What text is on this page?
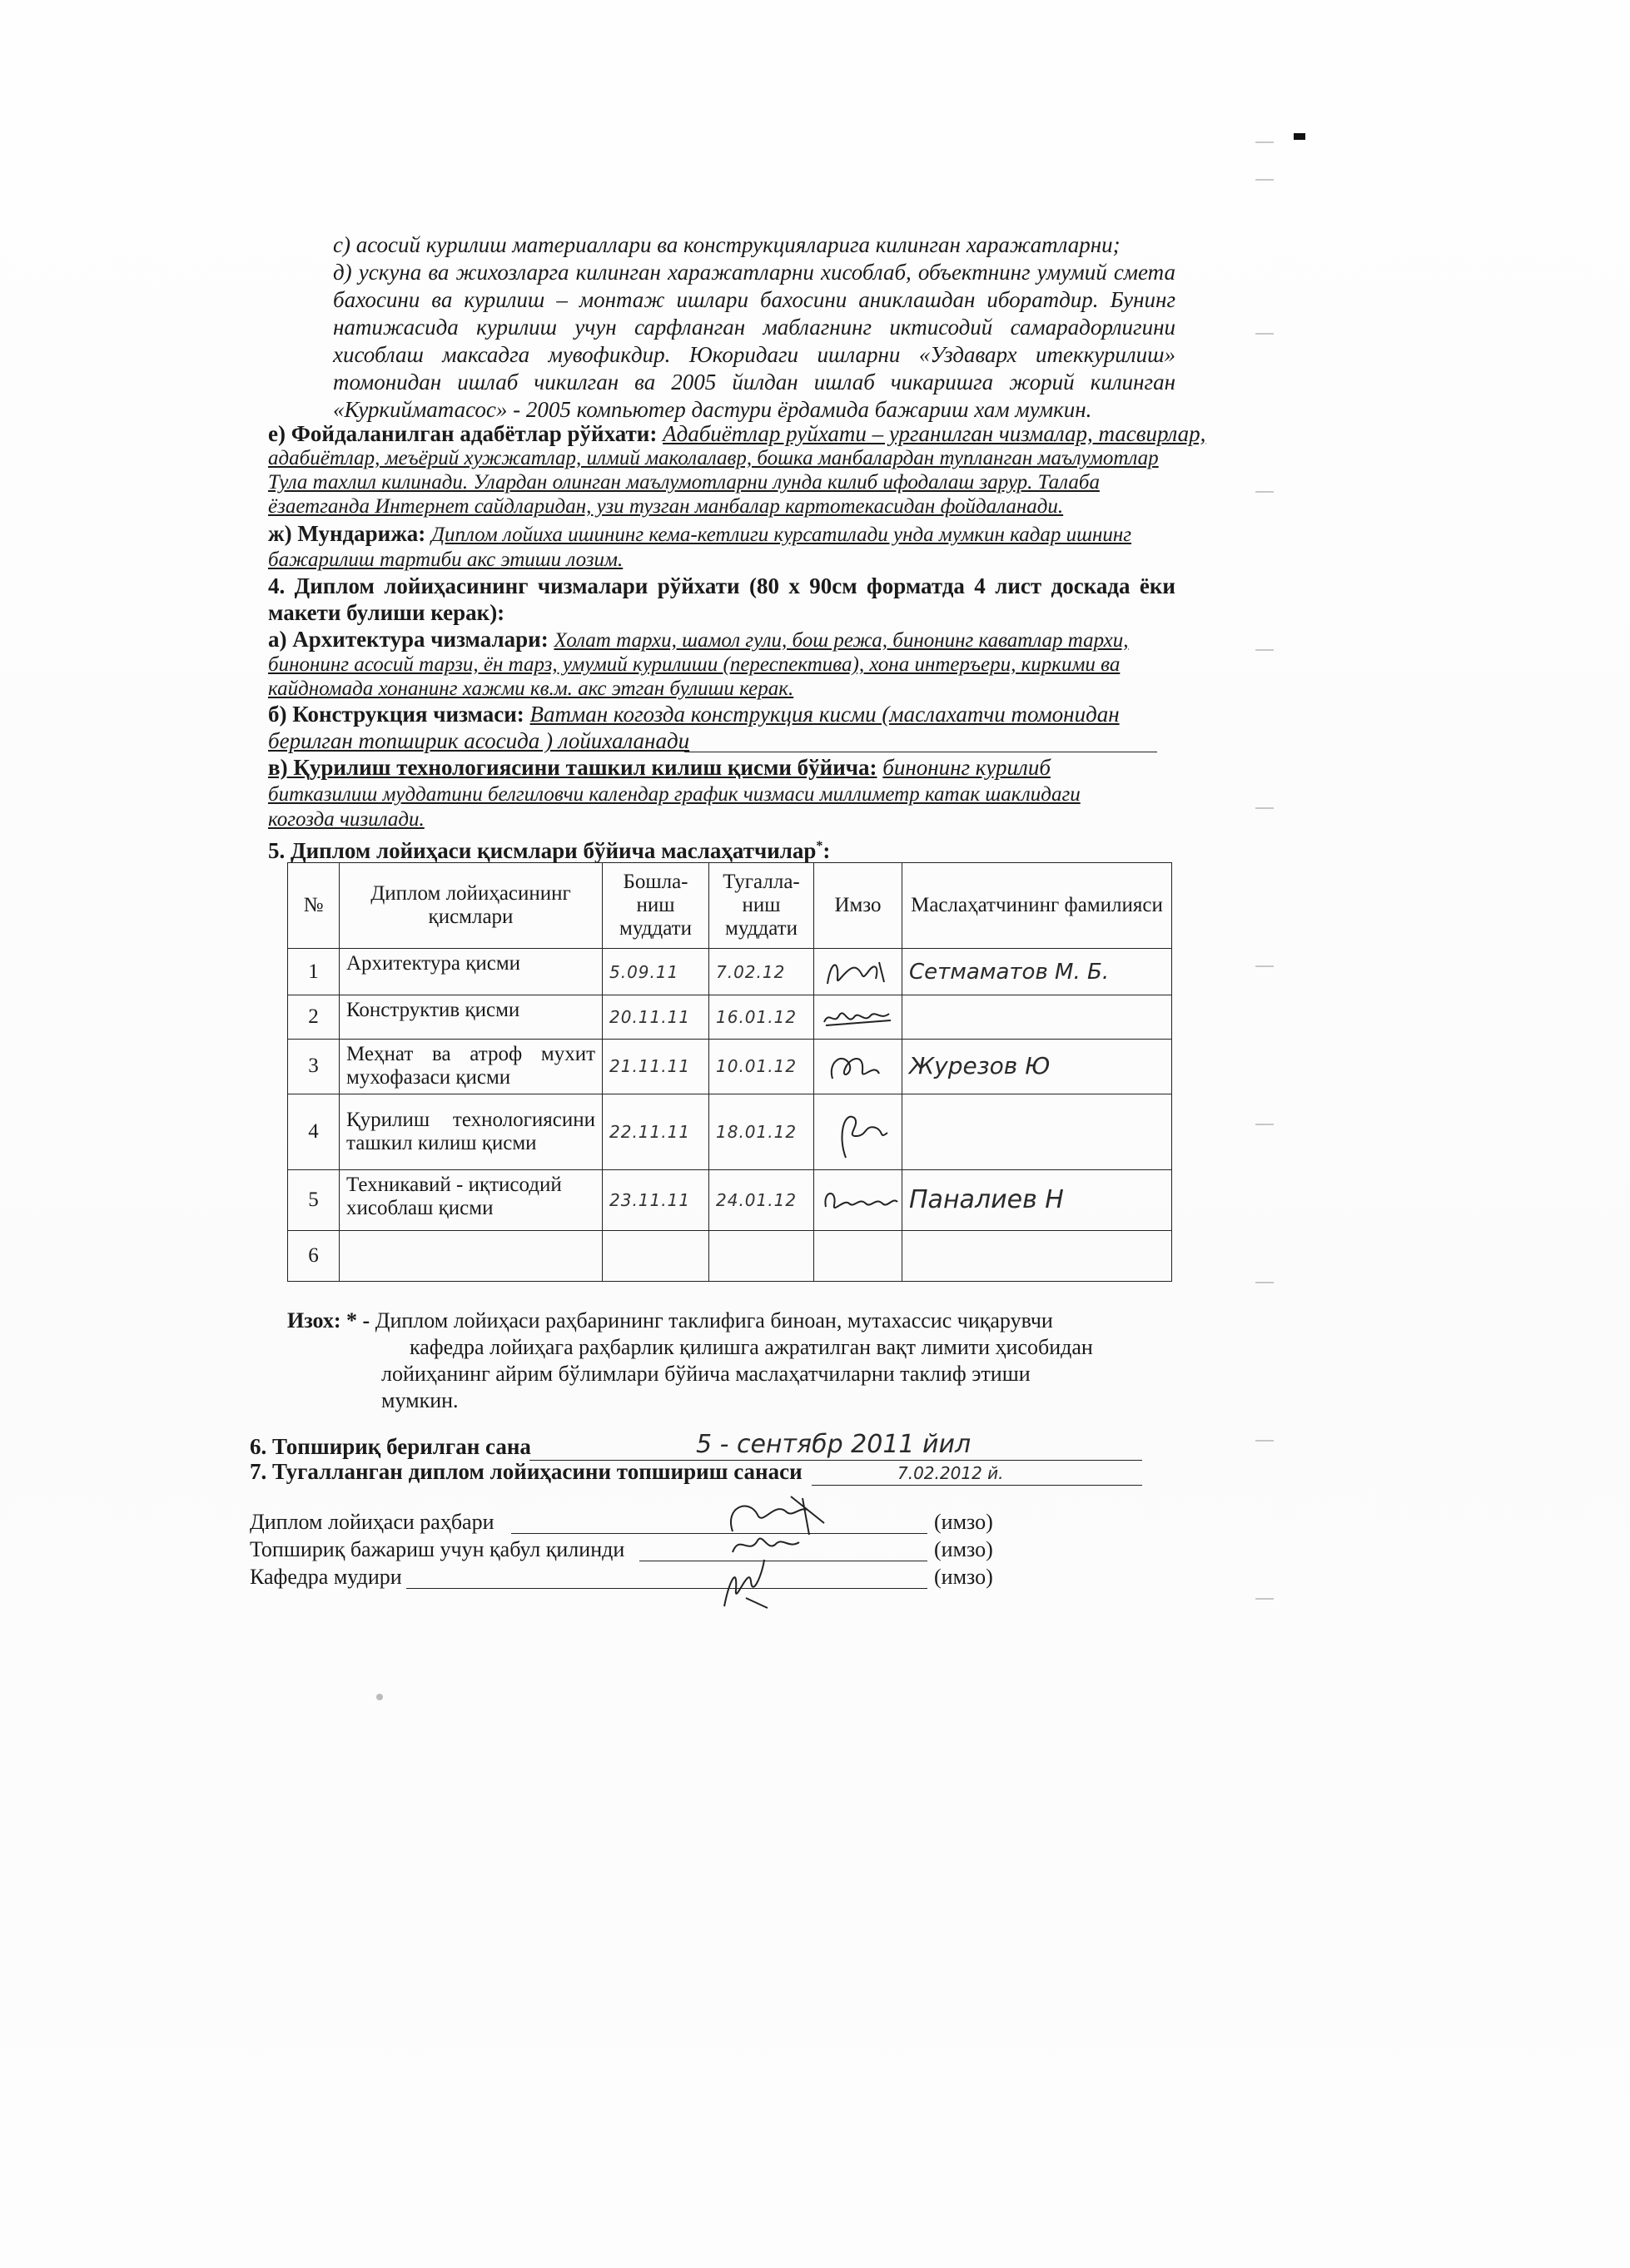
с) асосий курилиш материаллари ва конструкцияларига килинган харажатларни;
д) ускуна ва жихозларга килинган харажатларни хисоблаб, объектнинг умумий смета
бахосини ва курилиш – монтаж ишлари бахосини аниклашдан иборатдир. Бунинг
натижасида курилиш учун сарфланган маблагнинг иктисодий самарадорлигини
хисоблаш максадга мувофикдир. Юкоридаги ишларни «Уздаварх итеккурилиш»
томонидан ишлаб чикилган ва 2005 йилдан ишлаб чикаришга жорий килинган
«Куркийматасос» - 2005 компьютер дастури ёрдамида бажариш хам мумкин.
е) Фойдаланилган адабётлар рўйхати: Адабиётлар руйхати – урганилган чизмалар, тасвирлар,
адабиётлар, меъёрий хужжатлар, илмий маколалавр, бошка манбалардан тупланган маълумотлар
Тула тахлил килинади. Улардан олинган маълумотларни лунда килиб ифодалаш зарур. Талаба
ёзаетганда Интернет сайдларидан, узи тузган манбалар картотекасидан фойдаланади.
ж) Мундарижа: Диплом лойиха ишининг кема-кетлиги курсатилади унда мумкин кадар ишнинг
бажарилиш тартиби акс этиши лозим.
4. Диплом лойиҳасининг чизмалари рўйхати (80 х 90см форматда 4 лист доскада ёки
макети булиши керак):
а) Архитектура чизмалари: Холат тархи, шамол гули, бош режа, бинонинг каватлар тархи,
бинонинг асосий тарзи, ён тарз, умумий курилиши (переспектива), хона интеръери, киркими ва
кайдномада хонанинг хажми кв.м. акс этган булиши керак.
б) Конструкция чизмаси: Ватман когозда конструкция кисми (маслахатчи томонидан
берилган топширик асосида ) лойихаланади
в) Қурилиш технологиясини ташкил килиш қисми бўйича: бинонинг курилиб
битказилиш муддатини белгиловчи календар график чизмаси миллиметр катак шаклидаги
когозда чизилади.
5. Диплом лойиҳаси қисмлари бўйича маслаҳатчилар*:
№	Диплом лойиҳасининг қисмлари	Бошла-ниш муддати	Тугалла-ниш муддати	Имзо	Маслаҳатчининг фамилияси
1	Архитектура қисми	5.09.11	7.02.12		Сетмаматов М. Б.
2	Конструктив қисми	20.11.11	16.01.12	

3	Меҳнат ва атроф мухит мухофазаси қисми	21.11.11	10.01.12		Журезов Ю
4	Қурилиш технологиясини ташкил килиш қисми	22.11.11	18.01.12	

5	Техникавий - иқтисодий хисоблаш қисми	23.11.11	24.01.12		Паналиев Н
6					
Изох: * - Диплом лойиҳаси раҳбарининг таклифига биноан, мутахассис чиқарувчи
кафедра лойиҳага раҳбарлик қилишга ажратилган вақт лимити ҳисобидан
лойиҳанинг айрим бўлимлари бўйича маслаҳатчиларни таклиф этиши
мумкин.
6. Топшириқ берилган сана	5 - сентябр 2011 йил
7. Тугалланган диплом лойиҳасини топшириш санаси	7.02.2012 й.
Диплом лойиҳаси раҳбари	(имзо)
Топшириқ бажариш учун қабул қилинди	(имзо)
Кафедра мудири	(имзо)
